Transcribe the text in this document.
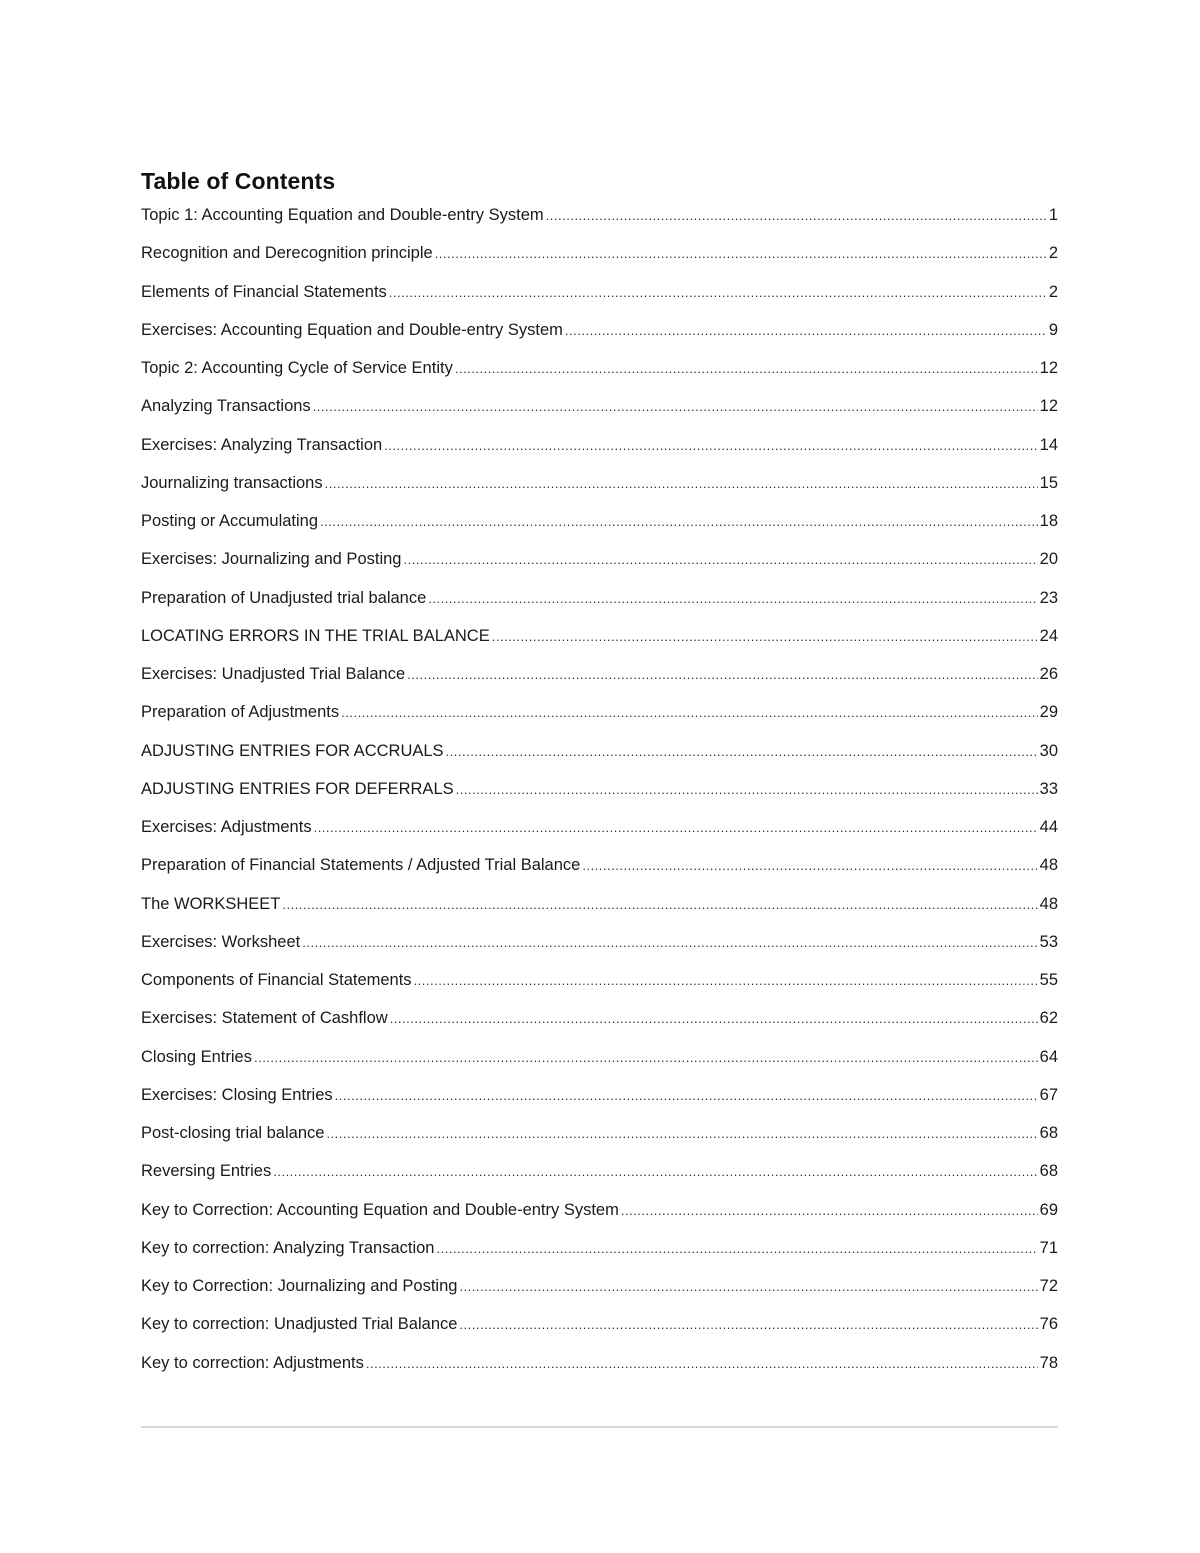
Table of Contents
Topic 1: Accounting Equation and Double-entry System .....	1
Recognition and Derecognition principle .....	2
Elements of Financial Statements .....	2
Exercises: Accounting Equation and Double-entry System .....	9
Topic 2: Accounting Cycle of Service Entity .....	12
Analyzing Transactions .....	12
Exercises: Analyzing Transaction .....	14
Journalizing transactions .....	15
Posting or Accumulating .....	18
Exercises: Journalizing and Posting .....	20
Preparation of Unadjusted trial balance .....	23
LOCATING ERRORS IN THE TRIAL BALANCE .....	24
Exercises: Unadjusted Trial Balance .....	26
Preparation of Adjustments .....	29
ADJUSTING ENTRIES FOR ACCRUALS .....	30
ADJUSTING ENTRIES FOR DEFERRALS .....	33
Exercises: Adjustments .....	44
Preparation of Financial Statements / Adjusted Trial Balance .....	48
The WORKSHEET .....	48
Exercises: Worksheet .....	53
Components of Financial Statements .....	55
Exercises: Statement of Cashflow .....	62
Closing Entries .....	64
Exercises: Closing Entries .....	67
Post-closing trial balance .....	68
Reversing Entries .....	68
Key to Correction: Accounting Equation and Double-entry System .....	69
Key to correction: Analyzing Transaction .....	71
Key to Correction: Journalizing and Posting .....	72
Key to correction: Unadjusted Trial Balance .....	76
Key to correction: Adjustments .....	78
